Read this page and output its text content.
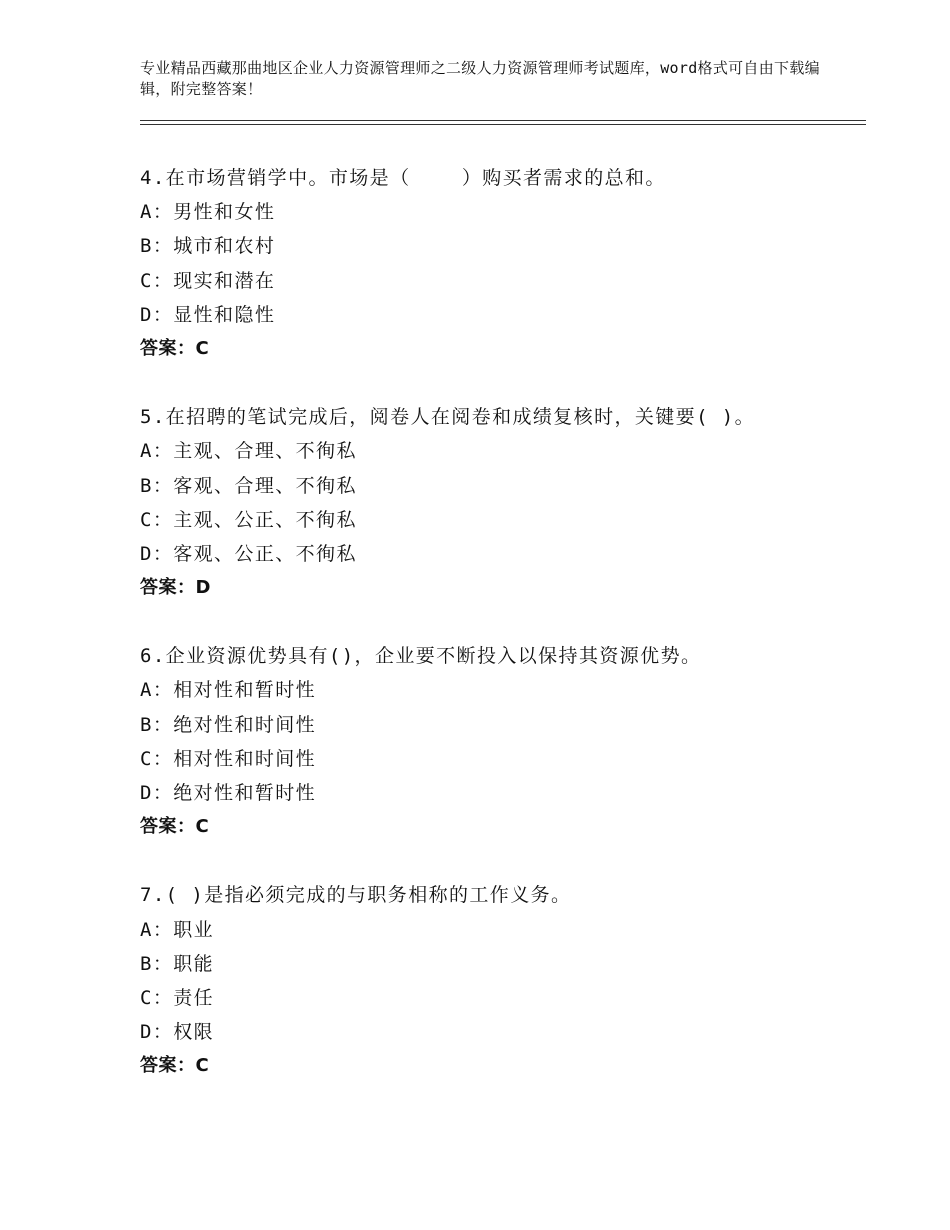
专业精品西藏那曲地区企业人力资源管理师之二级人力资源管理师考试题库，word格式可自由下载编辑，附完整答案！
4.在市场营销学中。市场是（    ）购买者需求的总和。
A：男性和女性
B：城市和农村
C：现实和潜在
D：显性和隐性
答案：C
5.在招聘的笔试完成后，阅卷人在阅卷和成绩复核时，关键要( )。
A：主观、合理、不徇私
B：客观、合理、不徇私
C：主观、公正、不徇私
D：客观、公正、不徇私
答案：D
6.企业资源优势具有()，企业要不断投入以保持其资源优势。
A：相对性和暂时性
B：绝对性和时间性
C：相对性和时间性
D：绝对性和暂时性
答案：C
7.( )是指必须完成的与职务相称的工作义务。
A：职业
B：职能
C：责任
D：权限
答案：C
